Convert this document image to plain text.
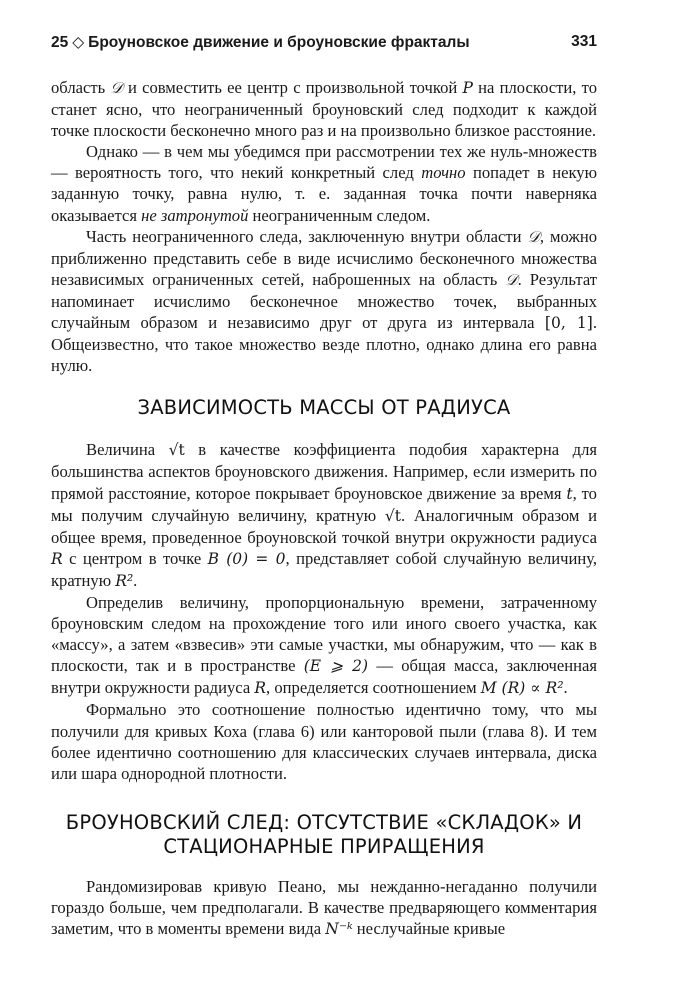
25 ◇ Броуновское движение и броуновские фракталы	331

область 𝒟 и совместить ее центр с произвольной точкой P на плоскости, то станет ясно, что неограниченный броуновский след подходит к каждой точке плоскости бесконечно много раз и на произвольно близкое расстояние.

Однако — в чем мы убедимся при рассмотрении тех же нуль-множеств — вероятность того, что некий конкретный след точно попадет в некую заданную точку, равна нулю, т. е. заданная точка почти наверняка оказывается не затронутой неограниченным следом.

Часть неограниченного следа, заключенную внутри области 𝒟, можно приближенно представить себе в виде исчислимо бесконечного множества независимых ограниченных сетей, наброшенных на область 𝒟. Результат напоминает исчислимо бесконечное множество точек, выбранных случайным образом и независимо друг от друга из интервала [0, 1]. Общеизвестно, что такое множество везде плотно, однако длина его равна нулю.

ЗАВИСИМОСТЬ МАССЫ ОТ РАДИУСА

Величина √t в качестве коэффициента подобия характерна для большинства аспектов броуновского движения. Например, если измерить по прямой расстояние, которое покрывает броуновское движение за время t, то мы получим случайную величину, кратную √t. Аналогичным образом и общее время, проведенное броуновской точкой внутри окружности радиуса R с центром в точке B (0) = 0, представляет собой случайную величину, кратную R².

Определив величину, пропорциональную времени, затраченному броуновским следом на прохождение того или иного своего участка, как «массу», а затем «взвесив» эти самые участки, мы обнаружим, что — как в плоскости, так и в пространстве (E ⩾ 2) — общая масса, заключенная внутри окружности радиуса R, определяется соотношением M (R) ∝ R².

Формально это соотношение полностью идентично тому, что мы получили для кривых Коха (глава 6) или канторовой пыли (глава 8). И тем более идентично соотношению для классических случаев интервала, диска или шара однородной плотности.

БРОУНОВСКИЙ СЛЕД: ОТСУТСТВИЕ «СКЛАДОК» И СТАЦИОНАРНЫЕ ПРИРАЩЕНИЯ

Рандомизировав кривую Пеано, мы нежданно-негаданно получили гораздо больше, чем предполагали. В качестве предваряющего комментария заметим, что в моменты времени вида N⁻ᵏ неслучайные кривые
